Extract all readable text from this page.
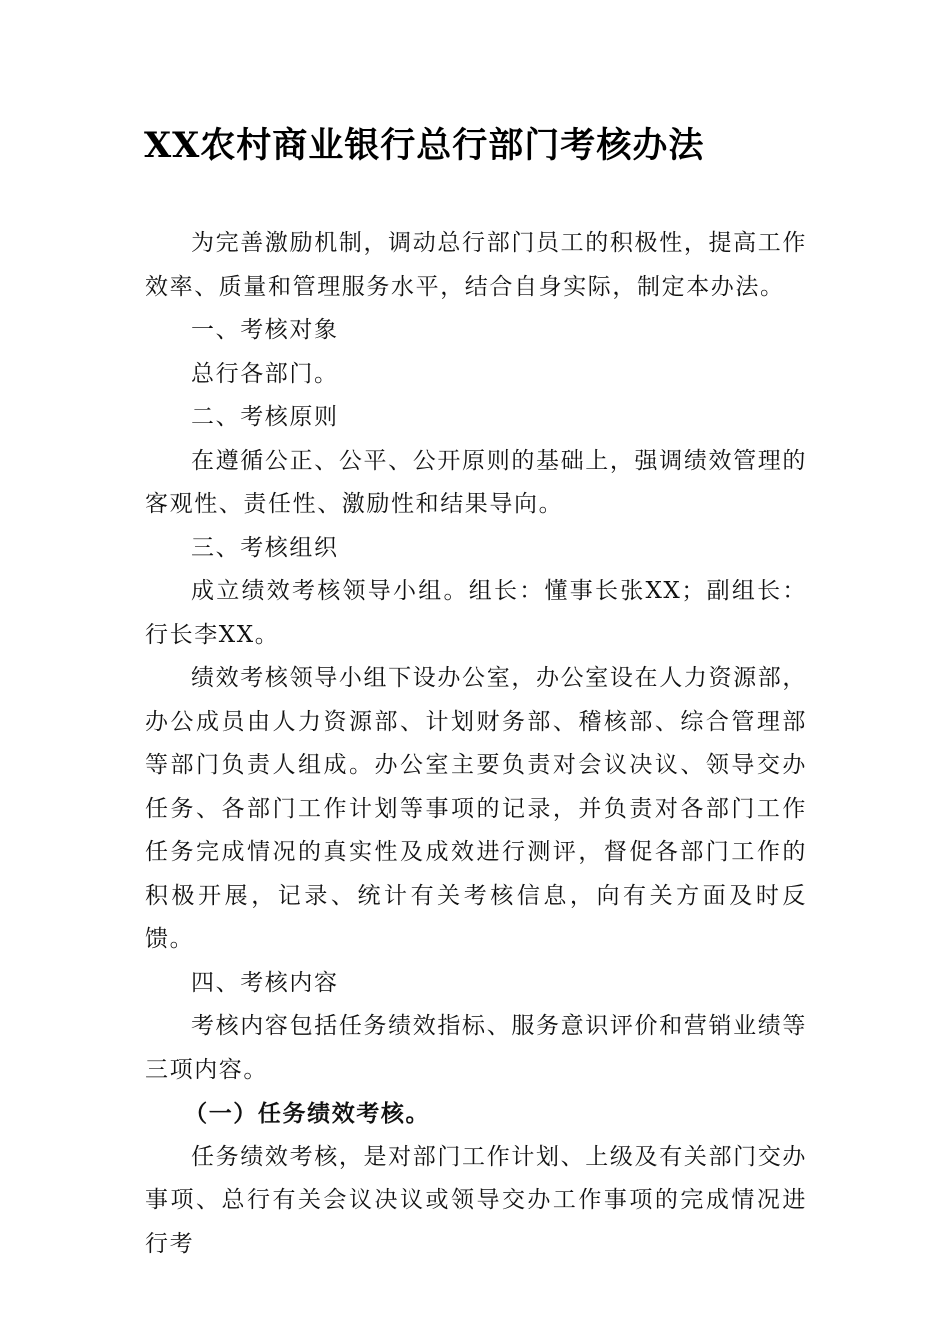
XX农村商业银行总行部门考核办法

为完善激励机制，调动总行部门员工的积极性，提高工作效率、质量和管理服务水平，结合自身实际，制定本办法。

一、考核对象

总行各部门。

二、考核原则

在遵循公正、公平、公开原则的基础上，强调绩效管理的客观性、责任性、激励性和结果导向。

三、考核组织

成立绩效考核领导小组。组长：懂事长张XX；副组长：行长李XX。

绩效考核领导小组下设办公室，办公室设在人力资源部，办公成员由人力资源部、计划财务部、稽核部、综合管理部等部门负责人组成。办公室主要负责对会议决议、领导交办任务、各部门工作计划等事项的记录，并负责对各部门工作任务完成情况的真实性及成效进行测评，督促各部门工作的积极开展，记录、统计有关考核信息，向有关方面及时反馈。

四、考核内容

考核内容包括任务绩效指标、服务意识评价和营销业绩等三项内容。

（一）任务绩效考核。

任务绩效考核，是对部门工作计划、上级及有关部门交办事项、总行有关会议决议或领导交办工作事项的完成情况进行考
